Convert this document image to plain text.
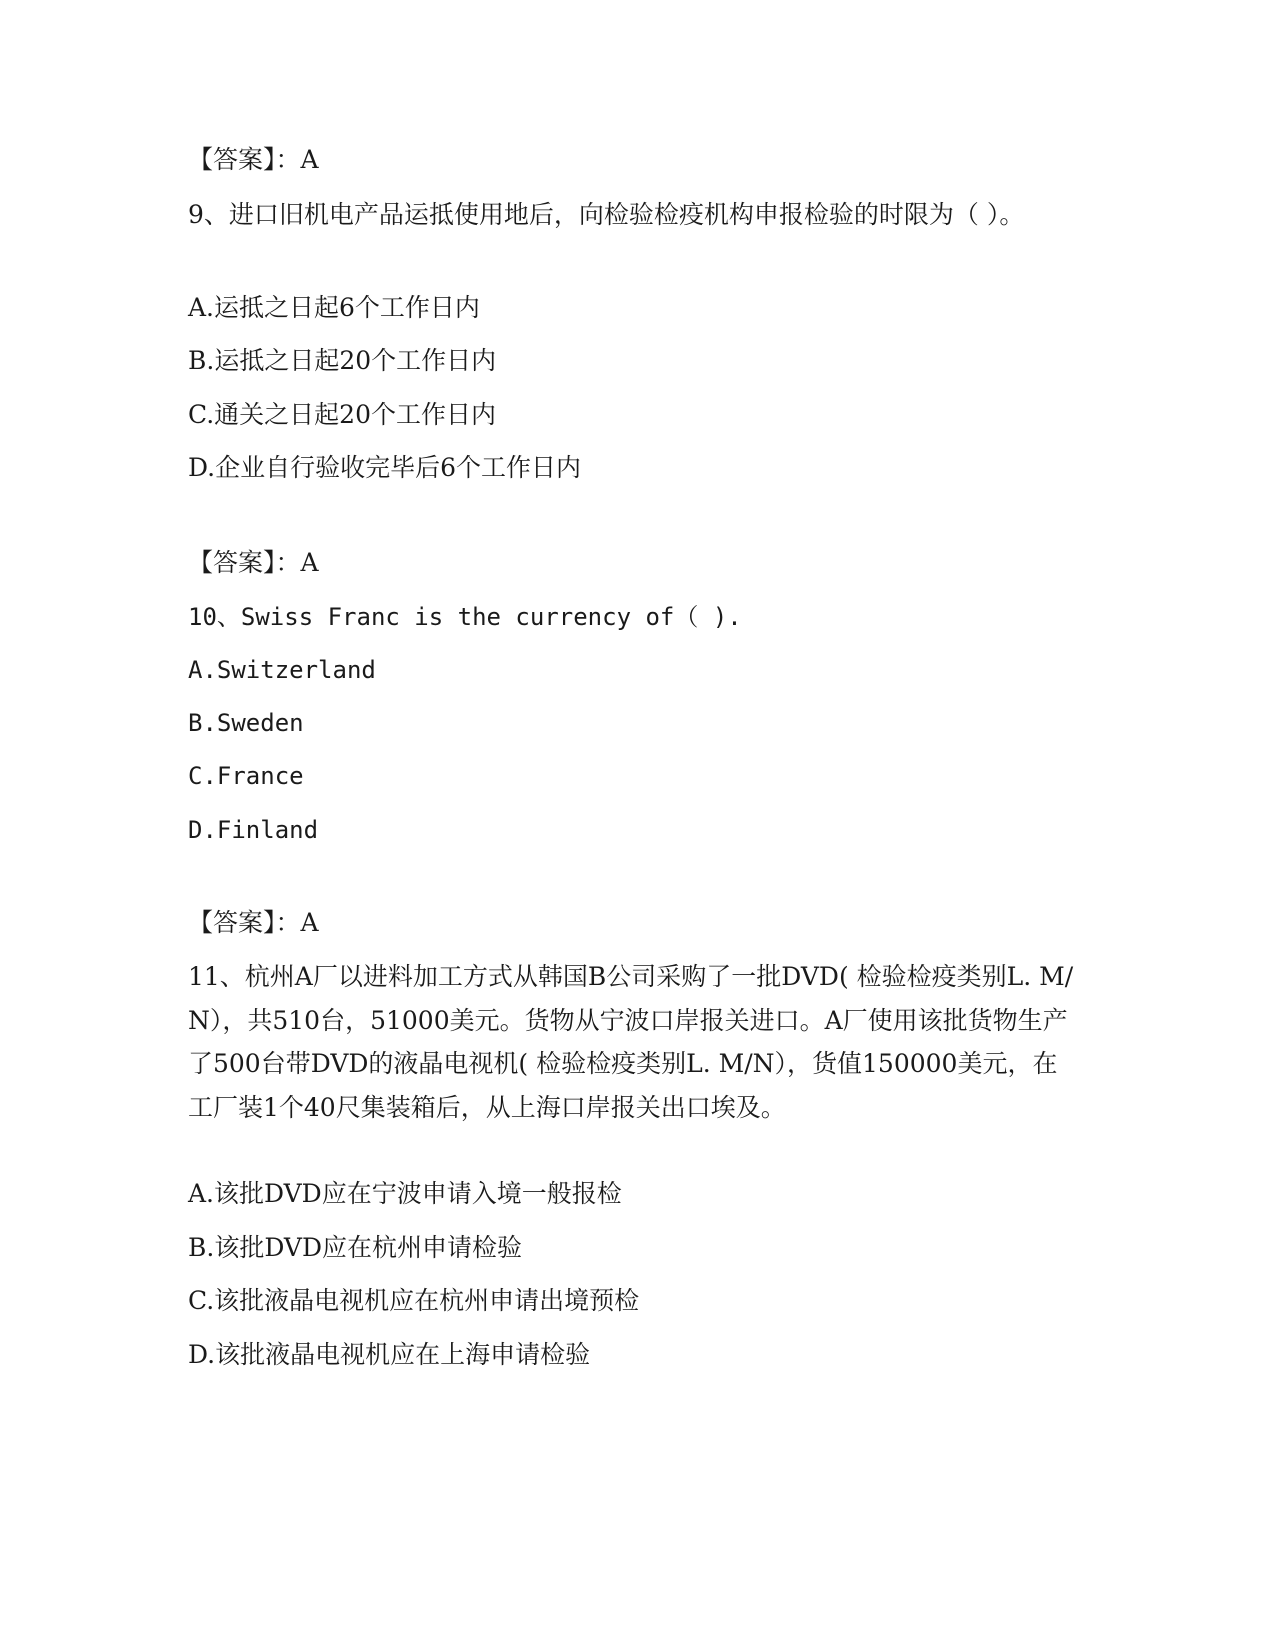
【答案】：A
9、进口旧机电产品运抵使用地后，向检验检疫机构申报检验的时限为（ ）。
A.运抵之日起6个工作日内
B.运抵之日起20个工作日内
C.通关之日起20个工作日内
D.企业自行验收完毕后6个工作日内
【答案】：A
10、Swiss Franc is the currency of（ ).
A.Switzerland
B.Sweden
C.France
D.Finland
【答案】：A
11、杭州A厂以进料加工方式从韩国B公司采购了一批DVD( 检验检疫类别L. M/N），共510台，51000美元。货物从宁波口岸报关进口。A厂使用该批货物生产了500台带DVD的液晶电视机( 检验检疫类别L. M/N），货值150000美元，在工厂装1个40尺集装箱后，从上海口岸报关出口埃及。
A.该批DVD应在宁波申请入境一般报检
B.该批DVD应在杭州申请检验
C.该批液晶电视机应在杭州申请出境预检
D.该批液晶电视机应在上海申请检验
